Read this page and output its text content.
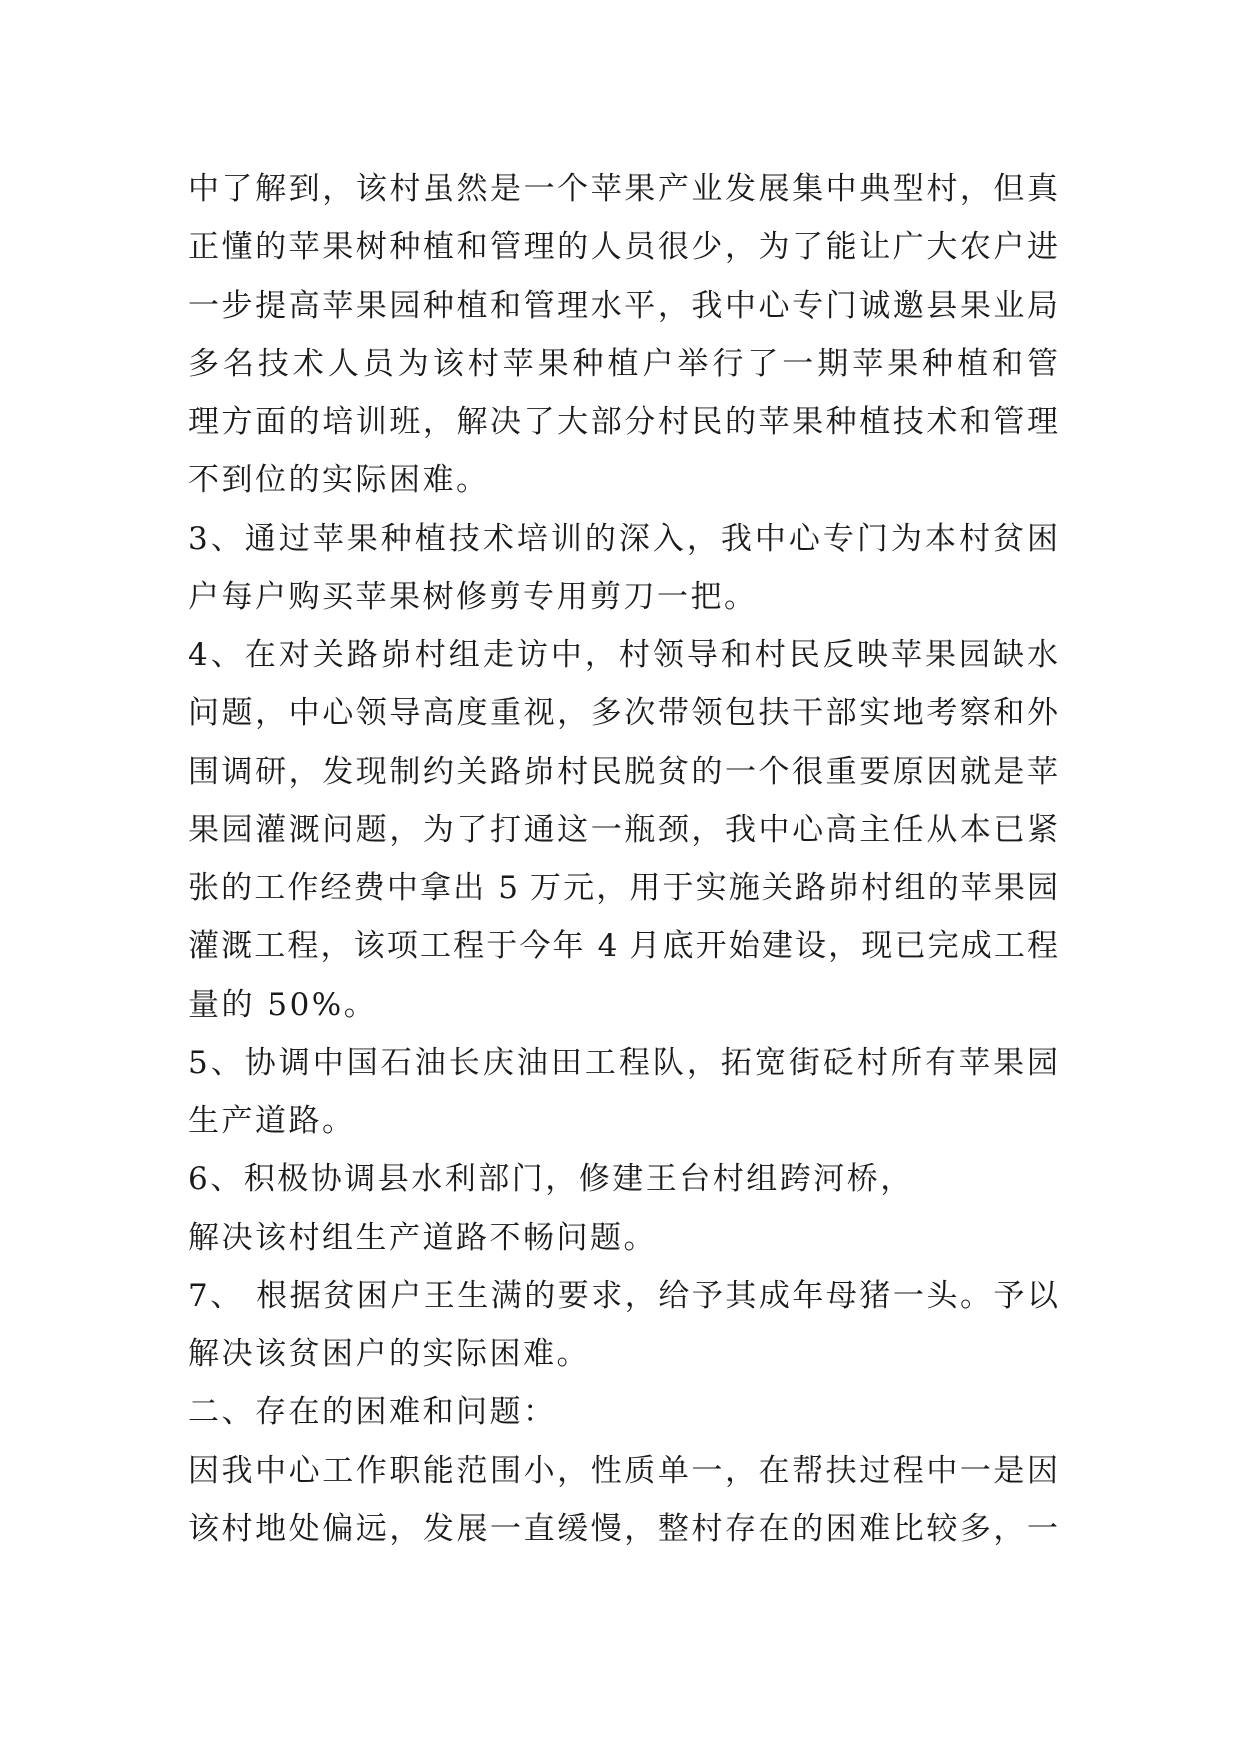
中了解到，该村虽然是一个苹果产业发展集中典型村，但真
正懂的苹果树种植和管理的人员很少，为了能让广大农户进
一步提高苹果园种植和管理水平，我中心专门诚邀县果业局
多名技术人员为该村苹果种植户举行了一期苹果种植和管
理方面的培训班，解决了大部分村民的苹果种植技术和管理
不到位的实际困难。
3、通过苹果种植技术培训的深入，我中心专门为本村贫困
户每户购买苹果树修剪专用剪刀一把。
4、在对关路峁村组走访中，村领导和村民反映苹果园缺水
问题，中心领导高度重视，多次带领包扶干部实地考察和外
围调研，发现制约关路峁村民脱贫的一个很重要原因就是苹
果园灌溉问题，为了打通这一瓶颈，我中心高主任从本已紧
张的工作经费中拿出 5 万元，用于实施关路峁村组的苹果园
灌溉工程，该项工程于今年 4 月底开始建设，现已完成工程
量的 50%。
5、协调中国石油长庆油田工程队，拓宽街砭村所有苹果园
生产道路。
6、积极协调县水利部门，修建王台村组跨河桥，
解决该村组生产道路不畅问题。
7、 根据贫困户王生满的要求，给予其成年母猪一头。予以
解决该贫困户的实际困难。
二、存在的困难和问题：
因我中心工作职能范围小，性质单一，在帮扶过程中一是因
该村地处偏远，发展一直缓慢，整村存在的困难比较多，一
